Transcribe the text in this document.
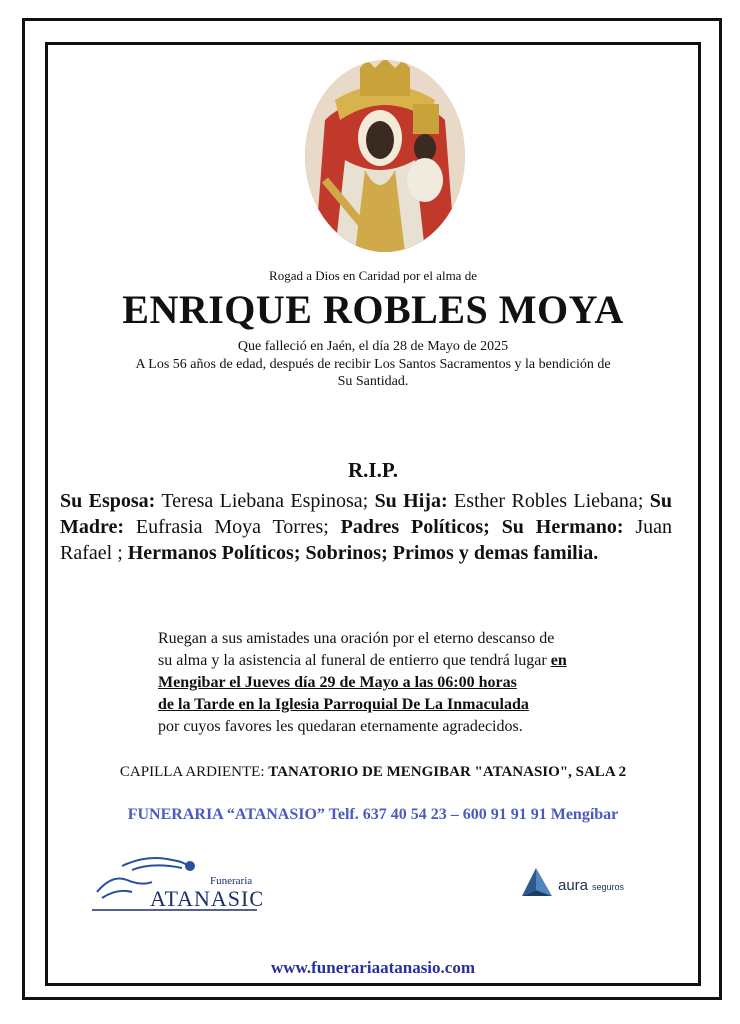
Rogad a Dios en Caridad por el alma de
ENRIQUE ROBLES MOYA
Que falleció en Jaén, el día 28 de Mayo de 2025
A Los 56 años de edad, después de recibir Los Santos Sacramentos y la bendición de
Su Santidad.
R.I.P.
Su Esposa: Teresa Liebana Espinosa; Su Hija: Esther Robles Liebana; Su Madre: Eufrasia Moya Torres; Padres Políticos; Su Hermano: Juan Rafael ; Hermanos Políticos; Sobrinos; Primos y demas familia.
Ruegan a sus amistades una oración por el eterno descanso de
su alma y la asistencia al funeral de entierro que tendrá lugar en
Mengibar el Jueves día 29 de Mayo a las 06:00 horas
de la Tarde en la Iglesia Parroquial De La Inmaculada
por cuyos favores les quedaran eternamente agradecidos.
CAPILLA ARDIENTE: TANATORIO DE MENGIBAR "ATANASIO", SALA 2
FUNERARIA “ATANASIO” Telf. 637 40 54 23 – 600 91 91 91 Mengíbar
Funeraria
ATANASIO
aura seguros
www.funerariaatanasio.com
